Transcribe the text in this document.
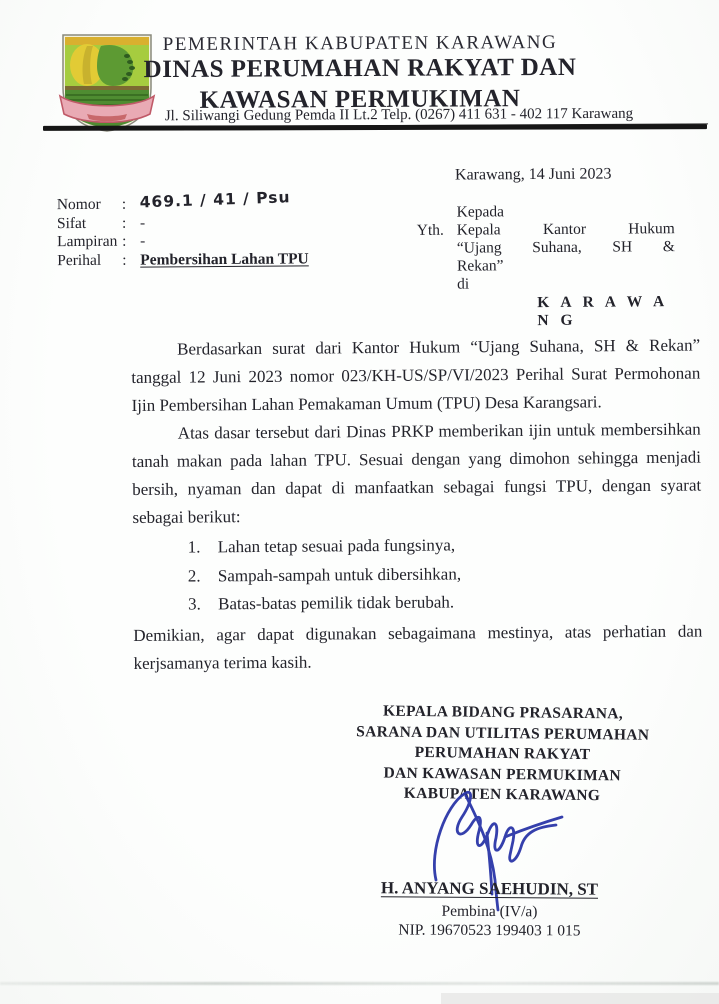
PEMERINTAH KABUPATEN KARAWANG
DINAS PERUMAHAN RAKYAT DAN
KAWASAN PERMUKIMAN
Jl. Siliwangi Gedung Pemda II Lt.2 Telp. (0267) 411 631 - 402 117 Karawang
Karawang, 14 Juni 2023
Nomor	: 469.1 / 41 / Psu
Sifat	: -
Lampiran : -
Perihal	: Pembersihan Lahan TPU
Kepada
Yth. Kepala Kantor Hukum
“Ujang Suhana, SH &
Rekan”
di
K A R A W A N G

Berdasarkan surat dari Kantor Hukum “Ujang Suhana, SH & Rekan” tanggal 12 Juni 2023 nomor 023/KH-US/SP/VI/2023 Perihal Surat Permohonan Ijin Pembersihan Lahan Pemakaman Umum (TPU) Desa Karangsari.

Atas dasar tersebut dari Dinas PRKP memberikan ijin untuk membersihkan tanah makan pada lahan TPU. Sesuai dengan yang dimohon sehingga menjadi bersih, nyaman dan dapat di manfaatkan sebagai fungsi TPU, dengan syarat sebagai berikut:

1.	Lahan tetap sesuai pada fungsinya,
2.	Sampah-sampah untuk dibersihkan,
3.	Batas-batas pemilik tidak berubah.

Demikian, agar dapat digunakan sebagaimana mestinya, atas perhatian dan kerjsamanya terima kasih.

KEPALA BIDANG PRASARANA,
SARANA DAN UTILITAS PERUMAHAN
PERUMAHAN RAKYAT
DAN KAWASAN PERMUKIMAN
KABUPATEN KARAWANG
H. ANYANG SAEHUDIN, ST
Pembina (IV/a)
NIP. 19670523 199403 1 015
